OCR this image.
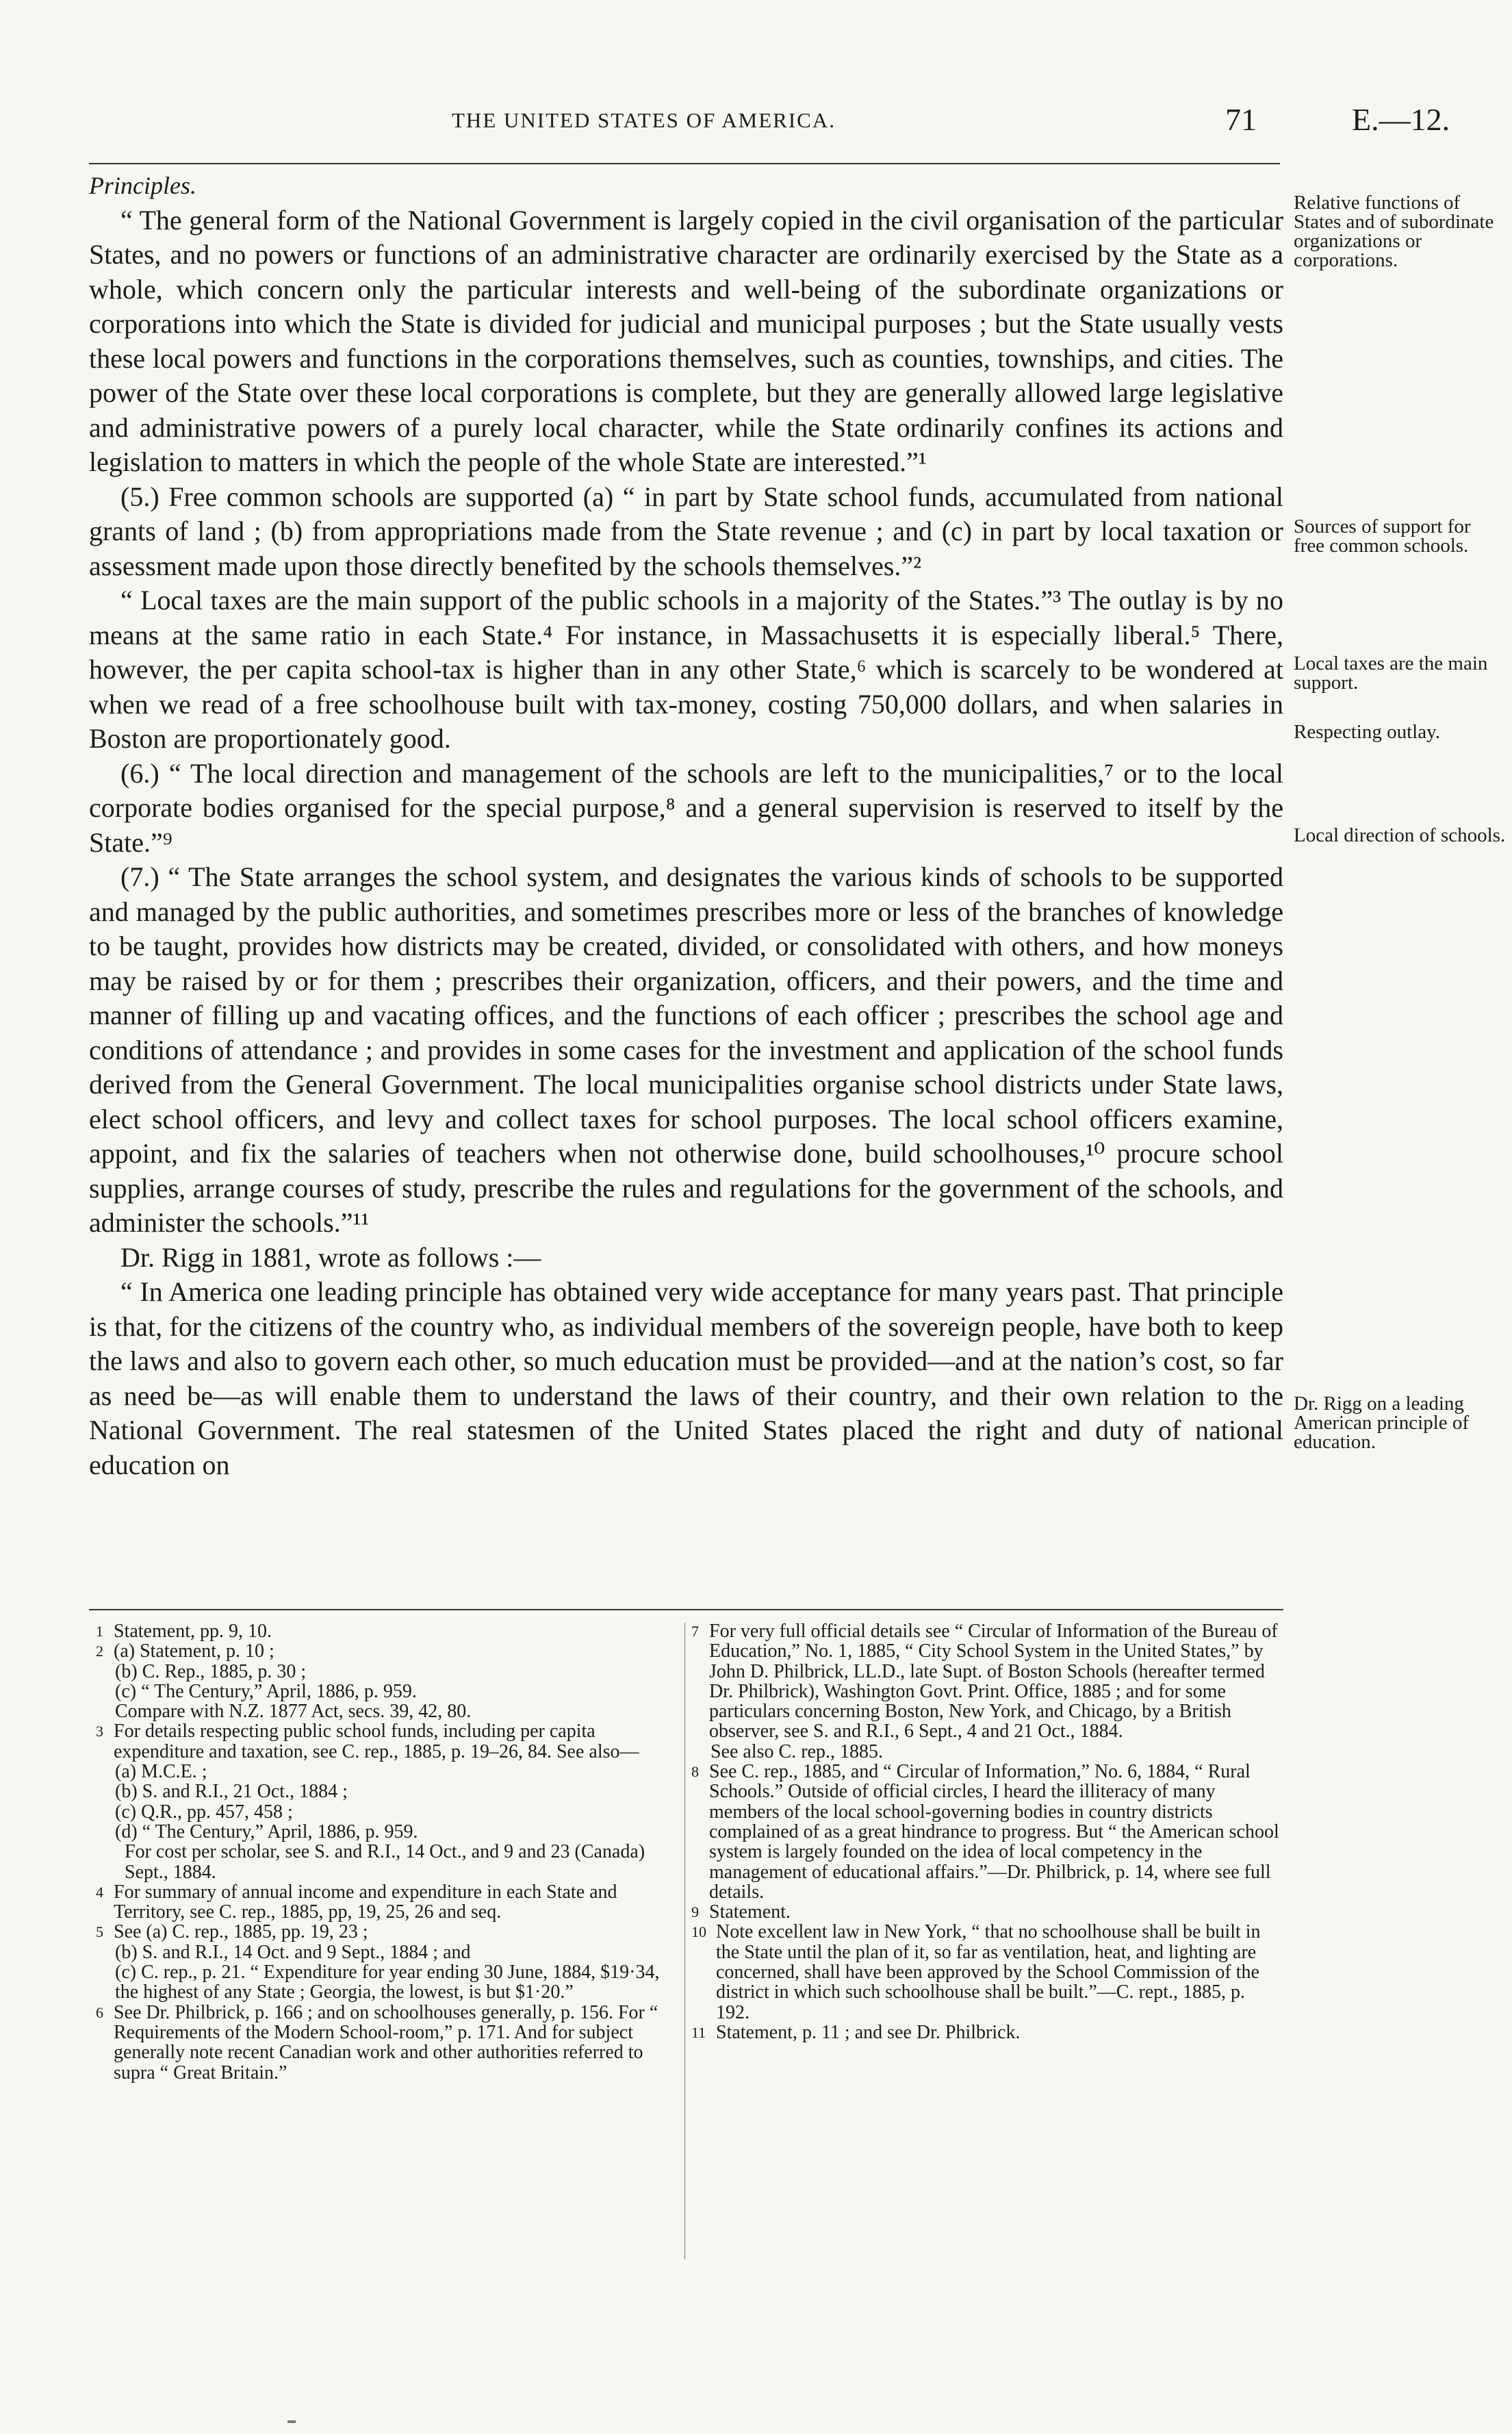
THE UNITED STATES OF AMERICA.	71	E.—12.

Principles.

“ The general form of the National Government is largely copied in the civil organisation of the particular States, and no powers or functions of an administrative character are ordinarily exercised by the State as a whole, which concern only the particular interests and well-being of the subordinate organizations or corporations into which the State is divided for judicial and municipal purposes ; but the State usually vests these local powers and functions in the corporations themselves, such as counties, townships, and cities. The power of the State over these local corporations is complete, but they are generally allowed large legislative and administrative powers of a purely local character, while the State ordinarily confines its actions and legislation to matters in which the people of the whole State are interested.”¹

(5.) Free common schools are supported (a) “ in part by State school funds, accumulated from national grants of land ; (b) from appropriations made from the State revenue ; and (c) in part by local taxation or assessment made upon those directly benefited by the schools themselves.”²

“ Local taxes are the main support of the public schools in a majority of the States.”³ The outlay is by no means at the same ratio in each State.⁴ For instance, in Massachusetts it is especially liberal.⁵ There, however, the per capita school-tax is higher than in any other State,⁶ which is scarcely to be wondered at when we read of a free schoolhouse built with tax-money, costing 750,000 dollars, and when salaries in Boston are proportionately good.

(6.) “ The local direction and management of the schools are left to the municipalities,⁷ or to the local corporate bodies organised for the special purpose,⁸ and a general supervision is reserved to itself by the State.”⁹

(7.) “ The State arranges the school system, and designates the various kinds of schools to be supported and managed by the public authorities, and sometimes prescribes more or less of the branches of knowledge to be taught, provides how districts may be created, divided, or consolidated with others, and how moneys may be raised by or for them ; prescribes their organization, officers, and their powers, and the time and manner of filling up and vacating offices, and the functions of each officer ; prescribes the school age and conditions of attendance ; and provides in some cases for the investment and application of the school funds derived from the General Government. The local municipalities organise school districts under State laws, elect school officers, and levy and collect taxes for school purposes. The local school officers examine, appoint, and fix the salaries of teachers when not otherwise done, build schoolhouses,¹⁰ procure school supplies, arrange courses of study, prescribe the rules and regulations for the government of the schools, and administer the schools.”¹¹

Dr. Rigg in 1881, wrote as follows :—

“ In America one leading principle has obtained very wide acceptance for many years past. That principle is that, for the citizens of the country who, as individual members of the sovereign people, have both to keep the laws and also to govern each other, so much education must be provided—and at the nation’s cost, so far as need be—as will enable them to understand the laws of their country, and their own relation to the National Government. The real statesmen of the United States placed the right and duty of national education on

Relative functions of States and of subordinate organizations or corporations.
Sources of support for free common schools.
Local taxes are the main support.
Respecting outlay.
Local direction of schools.
Dr. Rigg on a leading American principle of education.
1 Statement, pp. 9, 10.
2 (a) Statement, p. 10 ;
(b) C. Rep., 1885, p. 30 ;
(c) “ The Century,” April, 1886, p. 959.
Compare with N.Z. 1877 Act, secs. 39, 42, 80.
3 For details respecting public school funds, including per capita expenditure and taxation, see C. rep., 1885, p. 19–26, 84. See also—
(a) M.C.E. ;
(b) S. and R.I., 21 Oct., 1884 ;
(c) Q.R., pp. 457, 458 ;
(d) “ The Century,” April, 1886, p. 959.
For cost per scholar, see S. and R.I., 14 Oct., and 9 and 23 (Canada) Sept., 1884.
4 For summary of annual income and expenditure in each State and Territory, see C. rep., 1885, pp, 19, 25, 26 and seq.
5 See (a) C. rep., 1885, pp. 19, 23 ;
(b) S. and R.I., 14 Oct. and 9 Sept., 1884 ; and
(c) C. rep., p. 21. “ Expenditure for year ending 30 June, 1884, $19·34, the highest of any State ; Georgia, the lowest, is but $1·20.”
6 See Dr. Philbrick, p. 166 ; and on schoolhouses generally, p. 156. For “ Requirements of the Modern School-room,” p. 171. And for subject generally note recent Canadian work and other authorities referred to supra “ Great Britain.”
7 For very full official details see “ Circular of Information of the Bureau of Education,” No. 1, 1885, “ City School System in the United States,” by John D. Philbrick, LL.D., late Supt. of Boston Schools (hereafter termed Dr. Philbrick), Washington Govt. Print. Office, 1885 ; and for some particulars concerning Boston, New York, and Chicago, by a British observer, see S. and R.I., 6 Sept., 4 and 21 Oct., 1884.
See also C. rep., 1885.
8 See C. rep., 1885, and “ Circular of Information,” No. 6, 1884, “ Rural Schools.” Outside of official circles, I heard the illiteracy of many members of the local school-governing bodies in country districts complained of as a great hindrance to progress. But “ the American school system is largely founded on the idea of local competency in the management of educational affairs.”—Dr. Philbrick, p. 14, where see full details.
9 Statement.
10 Note excellent law in New York, “ that no schoolhouse shall be built in the State until the plan of it, so far as ventilation, heat, and lighting are concerned, shall have been approved by the School Commission of the district in which such schoolhouse shall be built.”—C. rept., 1885, p. 192.
11 Statement, p. 11 ; and see Dr. Philbrick.
